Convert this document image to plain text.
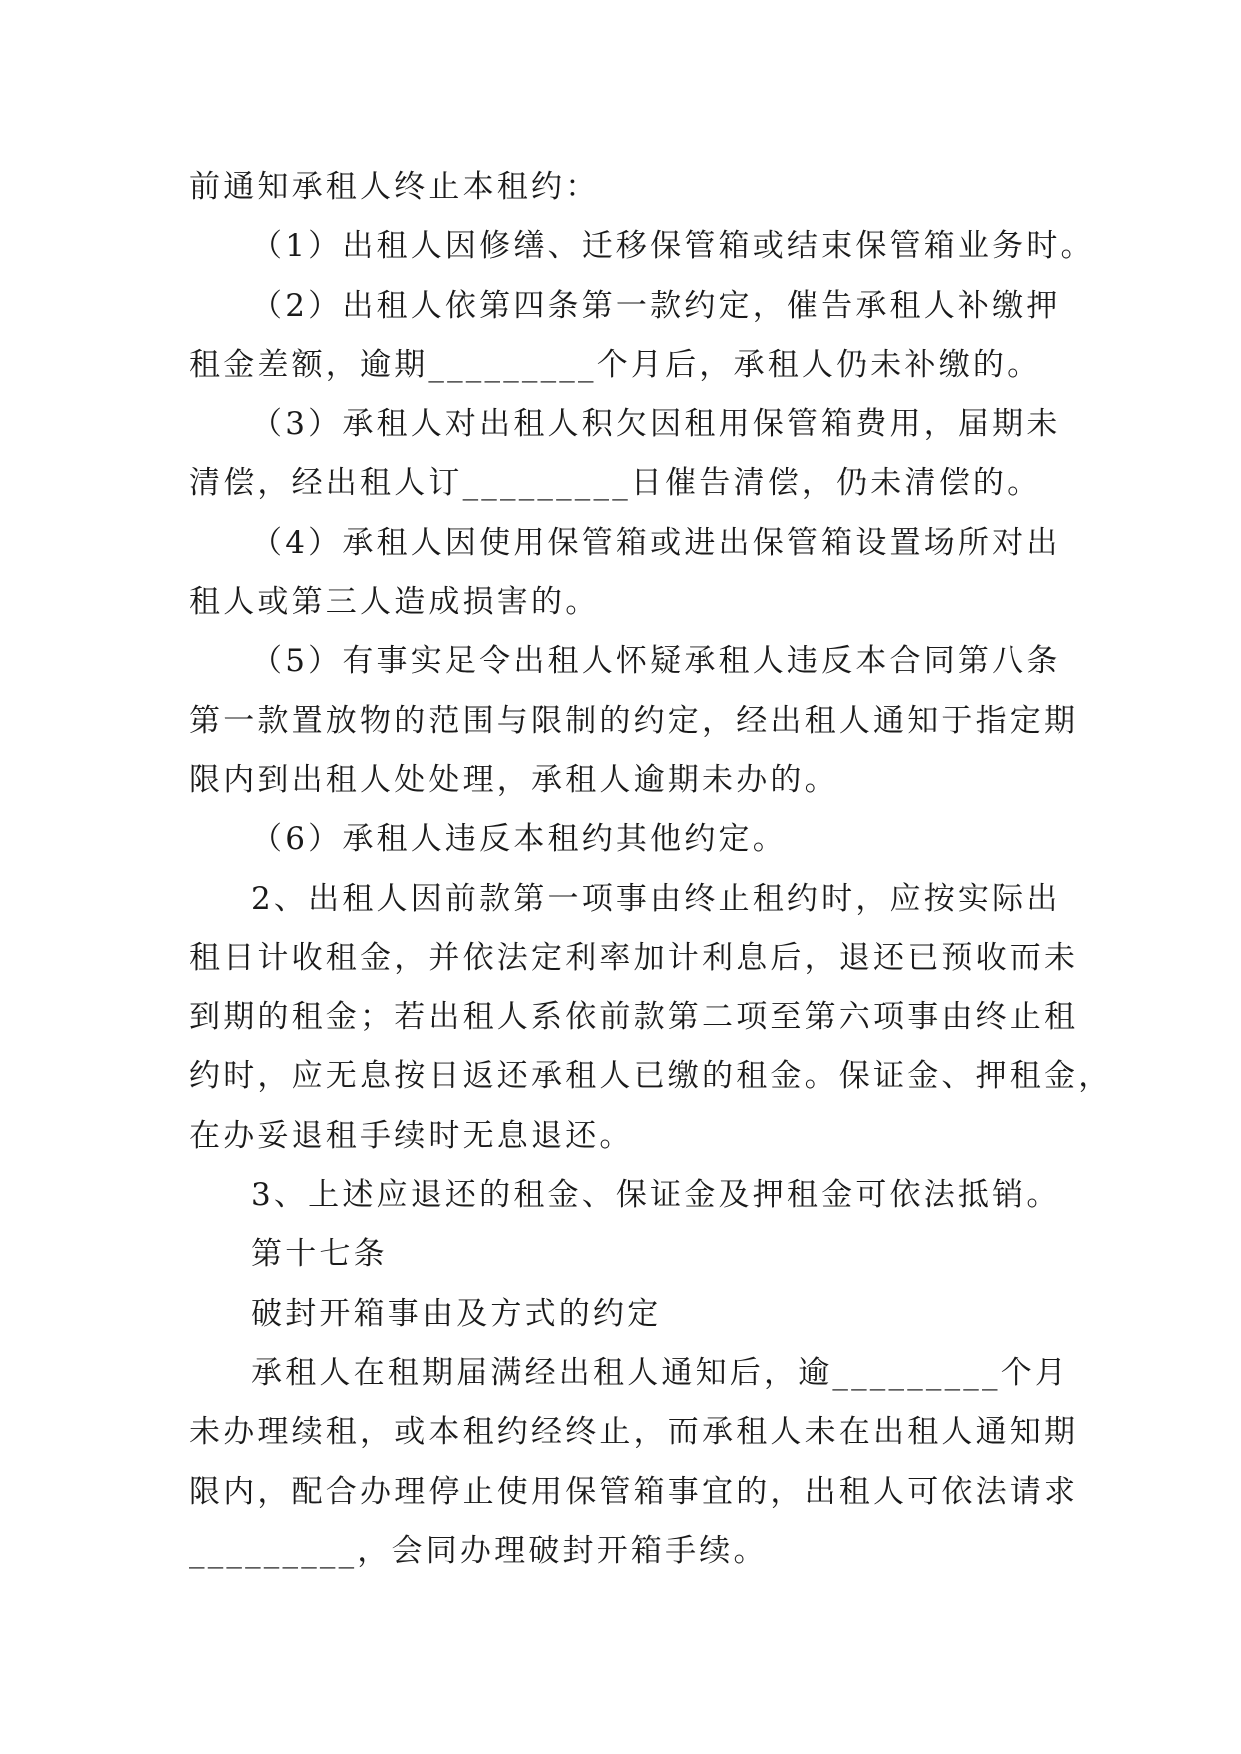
前通知承租人终止本租约：
（1）出租人因修缮、迁移保管箱或结束保管箱业务时。
（2）出租人依第四条第一款约定，催告承租人补缴押
租金差额，逾期_________个月后，承租人仍未补缴的。
（3）承租人对出租人积欠因租用保管箱费用，届期未
清偿，经出租人订_________日催告清偿，仍未清偿的。
（4）承租人因使用保管箱或进出保管箱设置场所对出
租人或第三人造成损害的。
（5）有事实足令出租人怀疑承租人违反本合同第八条
第一款置放物的范围与限制的约定，经出租人通知于指定期
限内到出租人处处理，承租人逾期未办的。
（6）承租人违反本租约其他约定。
2、出租人因前款第一项事由终止租约时，应按实际出
租日计收租金，并依法定利率加计利息后，退还已预收而未
到期的租金；若出租人系依前款第二项至第六项事由终止租
约时，应无息按日返还承租人已缴的租金。保证金、押租金，
在办妥退租手续时无息退还。
3、上述应退还的租金、保证金及押租金可依法抵销。
第十七条
破封开箱事由及方式的约定
承租人在租期届满经出租人通知后，逾_________个月
未办理续租，或本租约经终止，而承租人未在出租人通知期
限内，配合办理停止使用保管箱事宜的，出租人可依法请求
_________，会同办理破封开箱手续。
